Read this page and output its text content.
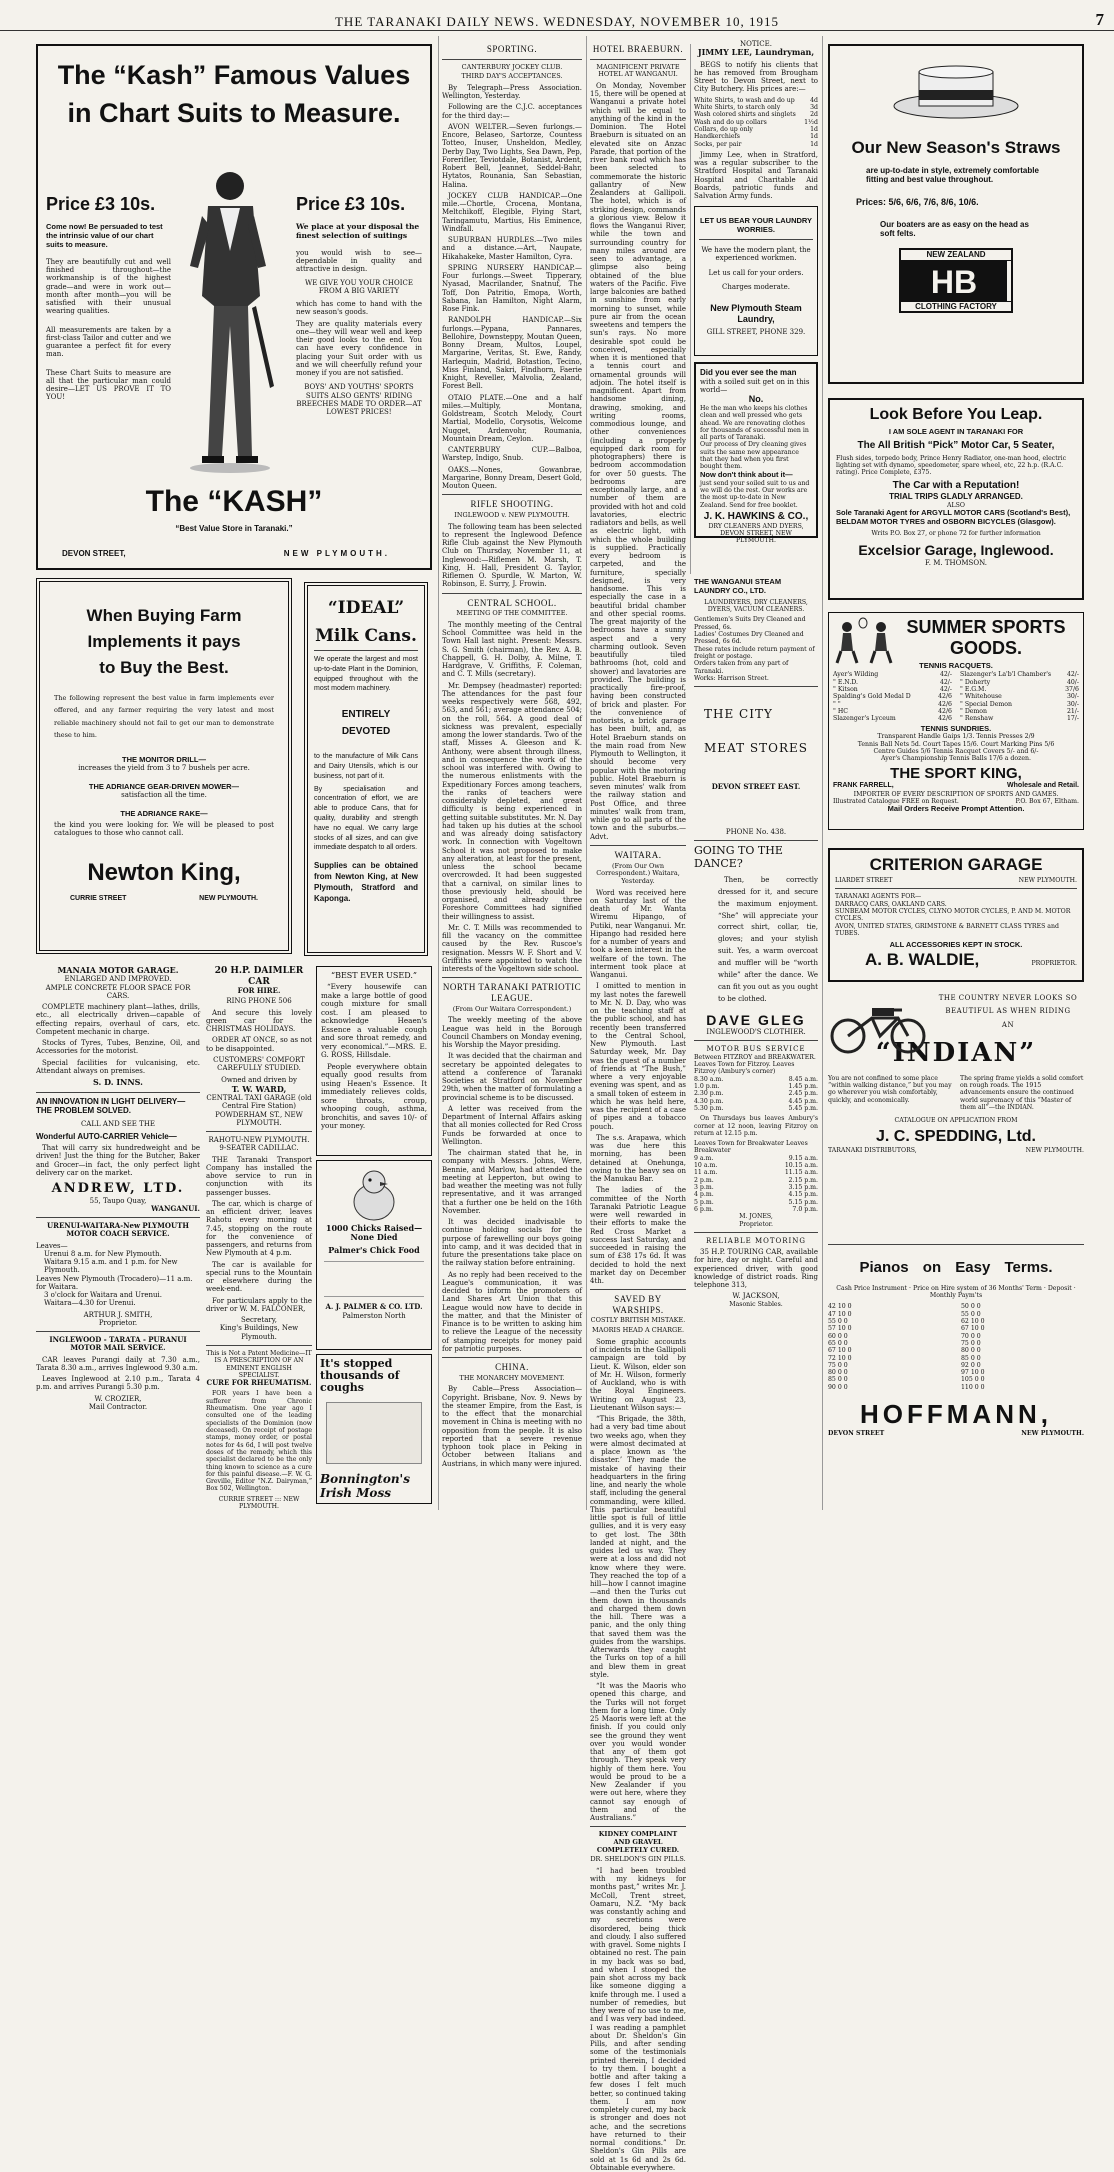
THE TARANAKI DAILY NEWS. WEDNESDAY, NOVEMBER 10, 1915	7
The “Kash” Famous Values
in Chart Suits to Measure.
Price £3 10s.
Come now! Be persuaded to test the intrinsic value of our chart suits to measure.
They are beautifully cut and well finished throughout—the workmanship is of the highest grade—and were in work out—month after month—you will be satisfied with their unusual wearing qualities.
All measurements are taken by a first-class Tailor and cutter and we guarantee a perfect fit for every man.
These Chart Suits to measure are all that the particular man could desire—LET US PROVE IT TO YOU!
Price £3 10s.
We place at your disposal the finest selection of suitings
you would wish to see—dependable in quality and attractive in design.
WE GIVE YOU YOUR CHOICE FROM A BIG VARIETY
which has come to hand with the new season's goods.
They are quality materials every one—they will wear well and keep their good looks to the end. You can have every confidence in placing your Suit order with us and we will cheerfully refund your money if you are not satisfied.
BOYS' AND YOUTHS' SPORTS SUITS ALSO GENTS' RIDING BREECHES MADE TO ORDER—AT LOWEST PRICES!
The “KASH”
“Best Value Store in Taranaki.”
DEVON STREET,	NEW PLYMOUTH.
When Buying Farm
Implements it pays
to Buy the Best.
The following represent the best value in farm implements ever offered, and any farmer requiring the very latest and most reliable machinery should not fail to get our man to demonstrate these to him.
THE MONITOR DRILL—
increases the yield from 3 to 7 bushels per acre.
THE ADRIANCE GEAR-DRIVEN MOWER—
satisfaction all the time.
THE ADRIANCE RAKE—
the kind you were looking for. We will be pleased to post catalogues to those who cannot call.
Newton King,
CURRIE STREET	NEW PLYMOUTH.
“IDEAL”
Milk Cans.
We operate the largest and most up-to-date Plant in the Dominion, equipped throughout with the most modern machinery.
ENTIRELY DEVOTED
to the manufacture of Milk Cans and Dairy Utensils, which is our business, not part of it.
By specialisation and concentration of effort, we are able to produce Cans, that for quality, durability and strength have no equal. We carry large stocks of all sizes, and can give immediate despatch to all orders.
Supplies can be obtained from Newton King, at New Plymouth, Stratford and Kaponga.
MANAIA MOTOR GARAGE.
ENLARGED AND IMPROVED.
AMPLE CONCRETE FLOOR SPACE FOR CARS.
COMPLETE machinery plant—lathes, drills, etc., all electrically driven—capable of effecting repairs, overhaul of cars, etc. Competent mechanic in charge.
Stocks of Tyres, Tubes, Benzine, Oil, and Accessories for the motorist.
Special facilities for vulcanising, etc. Attendant always on premises.
S. D. INNS.
AN INNOVATION IN LIGHT DELIVERY—THE PROBLEM SOLVED.
CALL AND SEE THE
Wonderful AUTO-CARRIER Vehicle—
That will carry six hundredweight and be driven! Just the thing for the Butcher, Baker and Grocer—in fact, the only perfect light delivery car on the market.
ANDREW, LTD.
55, Taupo Quay,
WANGANUI.
URENUI-WAITARA-New PLYMOUTH MOTOR COACH SERVICE.
Leaves—
Urenui 8 a.m. for New Plymouth.
Waitara 9.15 a.m. and 1 p.m. for New Plymouth.
Leaves New Plymouth (Trocadero)—11 a.m. for Waitara.
3 o'clock for Waitara and Urenui.
Waitara—4.30 for Urenui.
ARTHUR J. SMITH,
Proprietor.
INGLEWOOD - TARATA - PURANUI MOTOR MAIL SERVICE.
CAR leaves Purangi daily at 7.30 a.m., Tarata 8.30 a.m., arrives Inglewood 9.30 a.m.
Leaves Inglewood at 2.10 p.m., Tarata 4 p.m. and arrives Purangi 5.30 p.m.
W. CROZIER,
Mail Contractor.
20 H.P. DAIMLER CAR
FOR HIRE.
RING PHONE 506
And secure this lovely green car for the CHRISTMAS HOLIDAYS.
ORDER AT ONCE, so as not to be disappointed.
CUSTOMERS' COMFORT CAREFULLY STUDIED.
Owned and driven by
T. W. WARD,
CENTRAL TAXI GARAGE (old Central Fire Station) POWDERHAM ST., NEW PLYMOUTH.
RAHOTU-NEW PLYMOUTH.
9-SEATER CADILLAC.
THE Taranaki Transport Company has installed the above service to run in conjunction with its passenger busses.
The car, which is charge of an efficient driver, leaves Rahotu every morning at 7.45, stopping on the route for the convenience of passengers, and returns from New Plymouth at 4 p.m.
The car is available for special runs to the Mountain or elsewhere during the week-end.
For particulars apply to the driver or W. M. FALCONER,
Secretary,
King's Buildings, New Plymouth.
This is Not a Patent Medicine—IT IS A PRESCRIPTION OF AN EMINENT ENGLISH SPECIALIST.
CURE FOR RHEUMATISM.
FOR years I have been a sufferer from Chronic Rheumatism. One year ago I consulted one of the leading specialists of the Dominion (now deceased). On receipt of postage stamps, money order, or postal notes for 4s 6d, I will post twelve doses of the remedy, which this specialist declared to be the only thing known to science as a cure for this painful disease.—F. W. G. Greville, Editor “N.Z. Dairyman,” Box 502, Wellington.
CURRIE STREET ::: NEW PLYMOUTH.
“BEST EVER USED.”
“Every housewife can make a large bottle of good cough mixture for small cost. I am pleased to acknowledge Heaen's Essence a valuable cough and sore throat remedy, and very economical.”—MRS. E. G. ROSS, Hillsdale.
People everywhere obtain equally good results from using Heaen's Essence. It immediately relieves colds, sore throats, croup, whooping cough, asthma, bronchitis, and saves 10/- of your money.
1000 Chicks Raised—None Died
Palmer's Chick Food
A. J. PALMER & CO. LTD.
Palmerston North
It's stopped thousands of coughs
Bonnington's Irish Moss
SPORTING.
CANTERBURY JOCKEY CLUB.
THIRD DAY'S ACCEPTANCES.
By Telegraph—Press Association. Wellington, Yesterday.
Following are the C.J.C. acceptances for the third day:—
AVON WELTER.—Seven furlongs.—Encore, Belaseo, Sartorze, Countess Totteo, Inuser, Unsheldon, Medley, Derby Day, Two Lights, Sea Dawn, Pep, Forerifler, Teviotdale, Botanist, Ardent, Robert Bell, Jeannet, Seddel-Bahr, Hytatos, Rounania, San Sebastian, Halina.
JOCKEY CLUB HANDICAP.—One mile.—Chortle, Crocena, Montana, Meltchikoff, Elegible, Flying Start, Taringamutu, Martius, His Eminence, Windfall.
SUBURBAN HURDLES.—Two miles and a distance.—Art, Naupate, Hikahakeke, Master Hamilton, Cyra.
SPRING NURSERY HANDICAP.—Four furlongs.—Sweet Tipperary, Nyasad, Macrilander, Snatnuf, The Toff, Don Patritio, Emopa, Worth, Sabana, Ian Hamilton, Night Alarm, Rose Fink.
RANDOLPH HANDICAP.—Six furlongs.—Pypana, Pannares, Bellohire, Downsteppy, Moutan Queen, Bonny Dream, Multos, Loupel, Margarine, Veritas, St. Ewe, Randy, Harlequin, Madrid, Botastion, Tecino, Miss Finland, Sakri, Findhorn, Faerie Knight, Reveller, Malvolia, Zealand, Forest Bell.
OTAIO PLATE.—One and a half miles.—Multiply, Montana, Goldstream, Scotch Melody, Court Martial, Modello, Corysotis, Welcome Nugget, Ardenvohr, Roumania, Mountain Dream, Ceylon.
CANTERBURY CUP.—Balboa, Warstep, Indigo, Snub.
OAKS.—Nones, Gowanbrae, Margarine, Bonny Dream, Desert Gold, Mouton Queen.
RIFLE SHOOTING.
INGLEWOOD v. NEW PLYMOUTH.
The following team has been selected to represent the Inglewood Defence Rifle Club against the New Plymouth Club on Thursday, November 11, at Inglewood:—Riflemen M. Marsh, T. King, H. Hall, President G. Taylor, Riflemen O. Spurdle, W. Marton, W. Robinson, E. Surry, J. Frowin.
CENTRAL SCHOOL.
MEETING OF THE COMMITTEE.
The monthly meeting of the Central School Committee was held in the Town Hall last night. Present: Messrs. S. G. Smith (chairman), the Rev. A. B. Chappell, G. H. Dolby, A. Milne, T. Hardgrave, V. Griffiths, F. Coleman, and C. T. Mills (secretary).
Mr. Dempsey (headmaster) reported: The attendances for the past four weeks respectively were 568, 492, 563, and 561; average attendance 504; on the roll, 564. A good deal of sickness was prevalent, especially among the lower standards. Two of the staff, Misses A. Gleeson and K. Anthony, were absent through illness, and in consequence the work of the school was interfered with. Owing to the numerous enlistments with the Expeditionary Forces among teachers, the ranks of teachers were considerably depleted, and great difficulty is being experienced in getting suitable substitutes. Mr. N. Day had taken up his duties at the school and was already doing satisfactory work. In connection with Vogeltown School it was not proposed to make any alteration, at least for the present, unless the school became overcrowded. It had been suggested that a carnival, on similar lines to those previously held, should be organised, and already three Foreshore Committees had signified their willingness to assist.
Mr. C. T. Mills was recommended to fill the vacancy on the committee caused by the Rev. Ruscoe's resignation. Messrs W. F. Short and V. Griffiths were appointed to watch the interests of the Vogeltown side school.
NORTH TARANAKI PATRIOTIC LEAGUE.
(From Our Waitara Correspondent.)
The weekly meeting of the above League was held in the Borough Council Chambers on Monday evening, his Worship the Mayor presiding.
It was decided that the chairman and secretary be appointed delegates to attend a conference of Taranaki Societies at Stratford on November 29th, when the matter of formulating a provincial scheme is to be discussed.
A letter was received from the Department of Internal Affairs asking that all monies collected for Red Cross Funds be forwarded at once to Wellington.
The chairman stated that he, in company with Messrs. Johns, Were, Bennie, and Marlow, had attended the meeting at Lepperton, but owing to bad weather the meeting was not fully representative, and it was arranged that a further one be held on the 16th November.
It was decided inadvisable to continue holding socials for the purpose of farewelling our boys going into camp, and it was decided that in future the presentations take place on the railway station before entraining.
As no reply had been received to the League's communication, it was decided to inform the promoters of Land Shares Art Union that this League would now have to decide in the matter, and that the Minister of Finance is to be written to asking him to relieve the League of the necessity of stamping receipts for money paid for patriotic purposes.
CHINA.
THE MONARCHY MOVEMENT.
By Cable—Press Association—Copyright. Brisbane, Nov. 9. News by the steamer Empire, from the East, is to the effect that the monarchial movement in China is meeting with no opposition from the people. It is also reported that a severe revenue typhoon took place in Peking in October between Italians and Austrians, in which many were injured.
HOTEL BRAEBURN.
MAGNIFICENT PRIVATE HOTEL AT WANGANUI.
On Monday, November 15, there will be opened at Wanganui a private hotel which will be equal to anything of the kind in the Dominion. The Hotel Braeburn is situated on an elevated site on Anzac Parade, that portion of the river bank road which has been selected to commemorate the historic gallantry of New Zealanders at Gallipoli. The hotel, which is of striking design, commands a glorious view. Below it flows the Wanganui River, while the town and surrounding country for many miles around are seen to advantage, a glimpse also being obtained of the blue waters of the Pacific. Five large balconies are bathed in sunshine from early morning to sunset, while pure air from the ocean sweetens and tempers the sun's rays. No more desirable spot could be conceived, especially when it is mentioned that a tennis court and ornamental grounds will adjoin. The hotel itself is magnificent. Apart from handsome dining, drawing, smoking, and writing rooms, commodious lounge, and other conveniences (including a properly equipped dark room for photographers) there is bedroom accommodation for over 50 guests. The bedrooms are exceptionally large, and a number of them are provided with hot and cold lavatories, electric radiators and bells, as well as electric light, with which the whole building is supplied. Practically every bedroom is carpeted, and the furniture, specially designed, is very handsome. This is especially the case in a beautiful bridal chamber and other special rooms. The great majority of the bedrooms have a sunny aspect and a very charming outlook. Seven beautifully tiled bathrooms (hot, cold and shower) and lavatories are provided. The building is practically fire-proof, having been constructed of brick and plaster. For the convenience of motorists, a brick garage has been built, and, as Hotel Braeburn stands on the main road from New Plymouth to Wellington, it should become very popular with the motoring public. Hotel Braeburn is seven minutes' walk from the railway station and Post Office, and three minutes' walk from tram, while go to all parts of the town and the suburbs.—Advt.
WAITARA.
(From Our Own Correspondent.) Waitara, Yesterday.
Word was received here on Saturday last of the death of Mr. Wanta Wiremu Hipango, of Putiki, near Wanganui. Mr. Hipango had resided here for a number of years and took a keen interest in the welfare of the town. The interment took place at Wanganui.
I omitted to mention in my last notes the farewell to Mr. N. D. Day, who was on the teaching staff at the public school, and has recently been transferred to the Central School, New Plymouth. Last Saturday week, Mr. Day was the guest of a number of friends at “The Bush,” where a very enjoyable evening was spent, and as a small token of esteem in which he was held here, was the recipient of a case of pipes and a tobacco pouch.
The s.s. Arapawa, which was due here this morning, has been detained at Onehunga, owing to the heavy sea on the Manukau Bar.
The ladies of the committee of the North Taranaki Patriotic League were well rewarded in their efforts to make the Red Cross Market a success last Saturday, and succeeded in raising the sum of £38 17s 6d. It was decided to hold the next market day on December 4th.
SAVED BY WARSHIPS.
COSTLY BRITISH MISTAKE.
MAORIS HEAD A CHARGE.
Some graphic accounts of incidents in the Gallipoli campaign are told by Lieut. K. Wilson, elder son of Mr. H. Wilson, formerly of Auckland, who is with the Royal Engineers. Writing on August 23, Lieutenant Wilson says:—
“This Brigade, the 38th, had a very bad time about two weeks ago, when they were almost decimated at a place known as ‘the disaster.’ They made the mistake of having their headquarters in the firing line, and nearly the whole staff, including the general commanding, were killed. This particular beautiful little spot is full of little gullies, and it is very easy to get lost. The 38th landed at night, and the guides led us way. They were at a loss and did not know where they were. They reached the top of a hill—how I cannot imagine—and then the Turks cut them down in thousands and charged them down the hill. There was a panic, and the only thing that saved them was the guides from the warships. Afterwards they caught the Turks on top of a hill and blew them in great style.
“It was the Maoris who opened this charge, and the Turks will not forget them for a long time. Only 25 Maoris were left at the finish. If you could only see the ground they went over you would wonder that any of them got through. They speak very highly of them here. You would be proud to be a New Zealander if you were out here, where they cannot say enough of them and of the Australians.”
KIDNEY COMPLAINT AND GRAVEL COMPLETELY CURED.
DR. SHELDON'S GIN PILLS.
“I had been troubled with my kidneys for months past,” writes Mr. J. McColl, Trent street, Oamaru, N.Z. “My back was constantly aching and my secretions were disordered, being thick and cloudy. I also suffered with gravel. Some nights I obtained no rest. The pain in my back was so bad, and when I stooped the pain shot across my back like someone digging a knife through me. I used a number of remedies, but they were of no use to me, and I was very bad indeed. I was reading a pamphlet about Dr. Sheldon's Gin Pills, and after sending some of the testimonials printed therein, I decided to try them. I bought a bottle and after taking a few doses I felt much better, so continued taking them. I am now completely cured, my back is stronger and does not ache, and the secretions have returned to their normal conditions.” Dr. Sheldon's Gin Pills are sold at 1s 6d and 2s 6d. Obtainable everywhere.
NOTICE.
JIMMY LEE, Laundryman,
BEGS to notify his clients that he has removed from Brougham Street to Devon Street, next to City Butchery. His prices are:—
White Shirts, to wash and do up 4d
White Shirts, to starch only	3d
Wash colored shirts and singlets 2d
Wash and do up collars	1½d
Collars, do up only	1d
Handkerchiefs	1d
Socks, per pair	1d
Jimmy Lee, when in Stratford, was a regular subscriber to the Stratford Hospital and Taranaki Hospital and Charitable Aid Boards, patriotic funds and Salvation Army funds.
LET US BEAR YOUR LAUNDRY WORRIES.
We have the modern plant, the experienced workmen.
Let us call for your orders.
Charges moderate.
New Plymouth Steam Laundry,
GILL STREET, PHONE 329.
Did you ever see the man
with a soiled suit get on in this world—
No.
He the man who keeps his clothes clean and well pressed who gets ahead. We are renovating clothes for thousands of successful men in all parts of Taranaki.
Our process of Dry cleaning gives suits the same new appearance that they had when you first bought them.
Now don't think about it—
just send your soiled suit to us and we will do the rest. Our works are the most up-to-date in New Zealand. Send for free booklet.
J. K. HAWKINS & CO.,
DRY CLEANERS AND DYERS, DEVON STREET, NEW PLYMOUTH.
THE WANGANUI STEAM LAUNDRY CO., LTD.
LAUNDRYERS, DRY CLEANERS, DYERS, VACUUM CLEANERS.
Gentlemen's Suits Dry Cleaned and Pressed, 6s.
Ladies' Costumes Dry Cleaned and Pressed, 6s 6d.
These rates include return payment of freight or postage.
Orders taken from any part of Taranaki.
Works: Harrison Street.
THE CITY
MEAT STORES
DEVON STREET EAST.
PHONE No. 438.
GOING TO THE DANCE?
Then, be correctly dressed for it, and secure the maximum enjoyment. “She” will appreciate your correct shirt, collar, tie, gloves; and your stylish suit. Yes, a warm overcoat and muffler will be “worth while” after the dance. We can fit you out as you ought to be clothed.
DAVE GLEG
INGLEWOOD'S CLOTHIER.
MOTOR BUS SERVICE
Between FITZROY and BREAKWATER. Leaves Town for Fitzroy. Leaves Fitzroy (Ambury's corner)
8.30 a.m.	8.45 a.m.
1.0 p.m.	1.45 p.m.
2.30 p.m.	2.45 p.m.
4.30 p.m.	4.45 p.m.
5.30 p.m.	5.45 p.m.
On Thursdays bus leaves Ambury's corner at 12 noon, leaving Fitzroy on return at 12.15 p.m.
Leaves Town for Breakwater Leaves Breakwater
9 a.m.	9.15 a.m.
10 a.m.	10.15 a.m.
11 a.m.	11.15 a.m.
2 p.m.	2.15 p.m.
3 p.m.	3.15 p.m.
4 p.m.	4.15 p.m.
5 p.m.	5.15 p.m.
6 p.m.	7.0 p.m.
M. JONES,
Proprietor.
RELIABLE MOTORING
35 H.P. TOURING CAR, available for hire, day or night. Careful and experienced driver, with good knowledge of district roads. Ring telephone 313,
W. JACKSON,
Masonic Stables.
Our New Season's Straws
are up-to-date in style, extremely comfortable fitting and best value throughout.
Prices: 5/6, 6/6, 7/6, 8/6, 10/6.
Our boaters are as easy on the head as soft felts.
NEW ZEALAND
HB
CLOTHING FACTORY
Look Before You Leap.
I AM SOLE AGENT IN TARANAKI FOR
The All British “Pick” Motor Car, 5 Seater,
Flush sides, torpedo body, Prince Henry Radiator, one-man hood, electric lighting set with dynamo, speedometer, spare wheel, etc, 22 h.p. (R.A.C. rating). Price Complete, £375.
The Car with a Reputation!
TRIAL TRIPS GLADLY ARRANGED.
ALSO
Sole Taranaki Agent for ARGYLL MOTOR CARS (Scotland's Best), BELDAM MOTOR TYRES and OSBORN BICYCLES (Glasgow).
Writs P.O. Box 27, or phone 72 for further information
Excelsior Garage, Inglewood.
F. M. THOMSON.
SUMMER SPORTS
GOODS.
TENNIS RACQUETS.
Ayer's Wilding	42/-
" E.N.D.	42/-
" Kitson	42/-
Spalding's Gold Medal D	42/6
" "	42/6
" HC	42/6
Slazenger's Lyceum	42/6
Slazenger's La'b'l Chamber's	42/-
" Doherty	40/-
" E.G.M.	37/6
" Whitehouse	30/-
" Special Demon	30/-
" Demon	21/-
" Renshaw	17/-
TENNIS SUNDRIES.
Transparent Handle Gaips 1/3. Tennis Presses 2/9
Tennis Ball Nets 5d. Court Tapes 15/6. Court Marking Pins 5/6
Centre Guides 5/6 Tennis Racquet Covers 5/- and 6/-
Ayer's Championship Tennis Balls 17/6 a dozen.
THE SPORT KING,
FRANK FARRELL,	Wholesale and Retail.
IMPORTER OF EVERY DESCRIPTION OF SPORTS AND GAMES.
Illustrated Catalogue FREE on Request.	P.O. Box 67, Eltham.
Mail Orders Receive Prompt Attention.
CRITERION GARAGE
LIARDET STREET	NEW PLYMOUTH.
TARANAKI AGENTS FOR—
DARRACQ CARS, OAKLAND CARS.
SUNBEAM MOTOR CYCLES, CLYNO MOTOR CYCLES, P. AND M. MOTOR CYCLES.
AVON, UNITED STATES, GRIMSTONE & BARNETT CLASS TYRES and TUBES.
ALL ACCESSORIES KEPT IN STOCK.
A. B. WALDIE,	PROPRIETOR.
THE COUNTRY NEVER LOOKS SO BEAUTIFUL AS WHEN RIDING AN
“INDIAN”
You are not confined to some place “within walking distance,” but you may go wherever you wish comfortably, quickly, and economically.
The spring frame yields a solid comfort on rough roads. The 1915 advancements ensure the continued world supremacy of this “Master of them all”—the INDIAN.
CATALOGUE ON APPLICATION FROM
J. C. SPEDDING, Ltd.
TARANAKI DISTRIBUTORS,	NEW PLYMOUTH.
Pianos on Easy Terms.
Cash Price Instrument · Price on Hire system of 36 Months' Term · Deposit · Monthly Paym'ts
42 10 0
47 10 0
55 0 0
57 10 0
60 0 0
65 0 0
67 10 0
72 10 0
75 0 0
80 0 0
85 0 0
90 0 0
50 0 0
55 0 0
62 10 0
67 10 0
70 0 0
75 0 0
80 0 0
85 0 0
92 0 0
97 10 0
105 0 0
110 0 0
HOFFMANN,
DEVON STREET	NEW PLYMOUTH.
